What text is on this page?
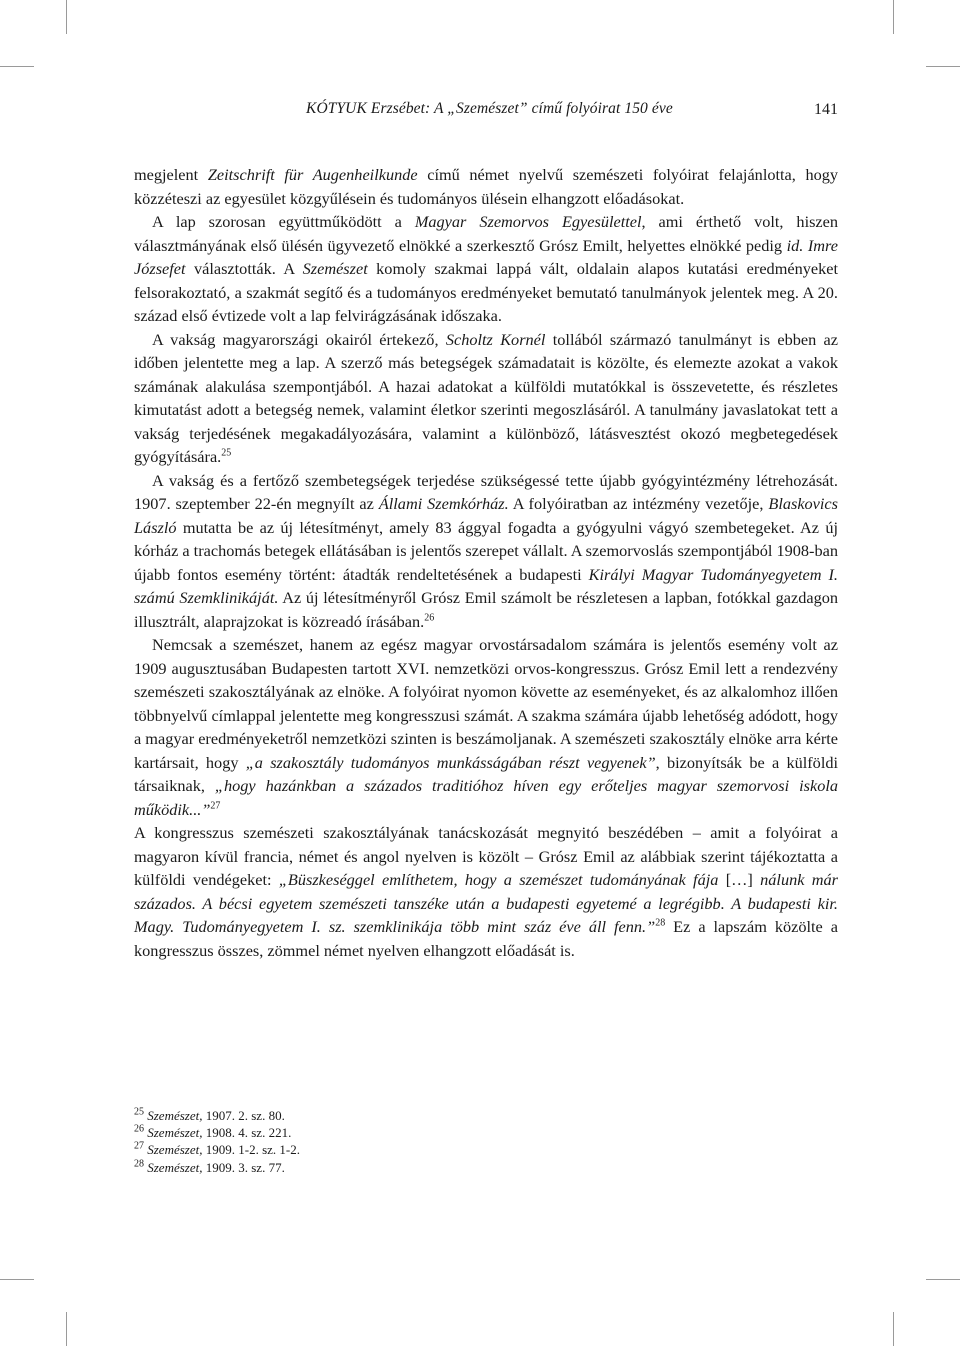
KÓTYUK Erzsébet: A „Szemészet” című folyóirat 150 éve	141

megjelent Zeitschrift für Augenheilkunde című német nyelvű szemészeti folyóirat felajánlotta, hogy közzéteszi az egyesület közgyűlésein és tudományos ülésein elhangzott előadásokat.

A lap szorosan együttműködött a Magyar Szemorvos Egyesülettel, ami érthető volt, hiszen választmányának első ülésén ügyvezető elnökké a szerkesztő Grósz Emilt, helyettes elnökké pedig id. Imre Józsefet választották. A Szemészet komoly szakmai lappá vált, oldalain alapos kutatási eredményeket felsorakoztató, a szakmát segítő és a tudományos eredményeket bemutató tanulmányok jelentek meg. A 20. század első évtizede volt a lap felvirágzásának időszaka.

A vakság magyarországi okairól értekező, Scholtz Kornél tollából származó tanulmányt is ebben az időben jelentette meg a lap. A szerző más betegségek számadatait is közölte, és elemezte azokat a vakok számának alakulása szempontjából. A hazai adatokat a külföldi mutatókkal is összevetette, és részletes kimutatást adott a betegség nemek, valamint életkor szerinti megoszlásáról. A tanulmány javaslatokat tett a vakság terjedésének megakadályozására, valamint a különböző, látásvesztést okozó megbetegedések gyógyítására.$^{25}$

A vakság és a fertőző szembetegségek terjedése szükségessé tette újabb gyógyintézmény létrehozását. 1907. szeptember 22-én megnyílt az Állami Szemkórház. A folyóiratban az intézmény vezetője, Blaskovics László mutatta be az új létesítményt, amely 83 ággyal fogadta a gyógyulni vágyó szembetegeket. Az új kórház a trachomás betegek ellátásában is jelentős szerepet vállalt. A szemorvoslás szempontjából 1908-ban újabb fontos esemény történt: átadták rendeltetésének a budapesti Királyi Magyar Tudományegyetem I. számú Szemklinikáját. Az új létesítményről Grósz Emil számolt be részletesen a lapban, fotókkal gazdagon illusztrált, alaprajzokat is közreadó írásában.$^{26}$

Nemcsak a szemészet, hanem az egész magyar orvostársadalom számára is jelentős esemény volt az 1909 augusztusában Budapesten tartott XVI. nemzetközi orvos-kongresszus. Grósz Emil lett a rendezvény szemészeti szakosztályának az elnöke. A folyóirat nyomon követte az eseményeket, és az alkalomhoz illően többnyelvű címlappal jelentette meg kongresszusi számát. A szakma számára újabb lehetőség adódott, hogy a magyar eredményeketről nemzetközi szinten is beszámoljanak. A szemészeti szakosztály elnöke arra kérte kartársait, hogy „a szakosztály tudományos munkásságában részt vegyenek”, bizonyítsák be a külföldi társaiknak, „hogy hazánkban a százados traditióhoz híven egy erőteljes magyar szemorvosi iskola működik...”$^{27}$

A kongresszus szemészeti szakosztályának tanácskozását megnyitó beszédében – amit a folyóirat a magyaron kívül francia, német és angol nyelven is közölt – Grósz Emil az alábbiak szerint tájékoztatta a külföldi vendégeket: „Büszkeséggel említhetem, hogy a szemészet tudományának fája […] nálunk már százados. A bécsi egyetem szemészeti tanszéke után a budapesti egyetemé a legrégibb. A budapesti kir. Magy. Tudományegyetem I. sz. szemklinikája több mint száz éve áll fenn.”$^{28}$ Ez a lapszám közölte a kongresszus összes, zömmel német nyelven elhangzott előadását is.

$^{25}$ Szemészet, 1907. 2. sz. 80.
$^{26}$ Szemészet, 1908. 4. sz. 221.
$^{27}$ Szemészet, 1909. 1-2. sz. 1-2.
$^{28}$ Szemészet, 1909. 3. sz. 77.
